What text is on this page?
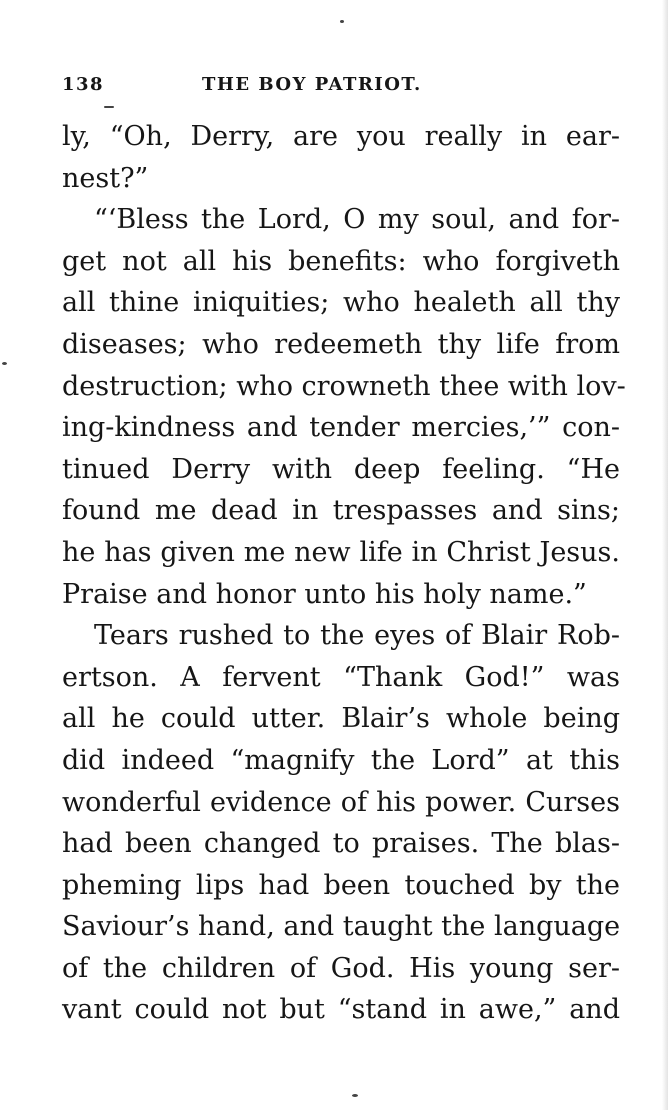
138	THE BOY PATRIOT.
ly, “Oh, Derry, are you really in ear-
nest?”
“‘Bless the Lord, O my soul, and for-
get not all his benefits: who forgiveth
all thine iniquities; who healeth all thy
diseases; who redeemeth thy life from
destruction; who crowneth thee with lov-
ing-kindness and tender mercies,’” con-
tinued Derry with deep feeling. “He
found me dead in trespasses and sins;
he has given me new life in Christ Jesus.
Praise and honor unto his holy name.”
Tears rushed to the eyes of Blair Rob-
ertson. A fervent “Thank God!” was
all he could utter. Blair’s whole being
did indeed “magnify the Lord” at this
wonderful evidence of his power. Curses
had been changed to praises. The blas-
pheming lips had been touched by the
Saviour’s hand, and taught the language
of the children of God. His young ser-
vant could not but “stand in awe,” and
